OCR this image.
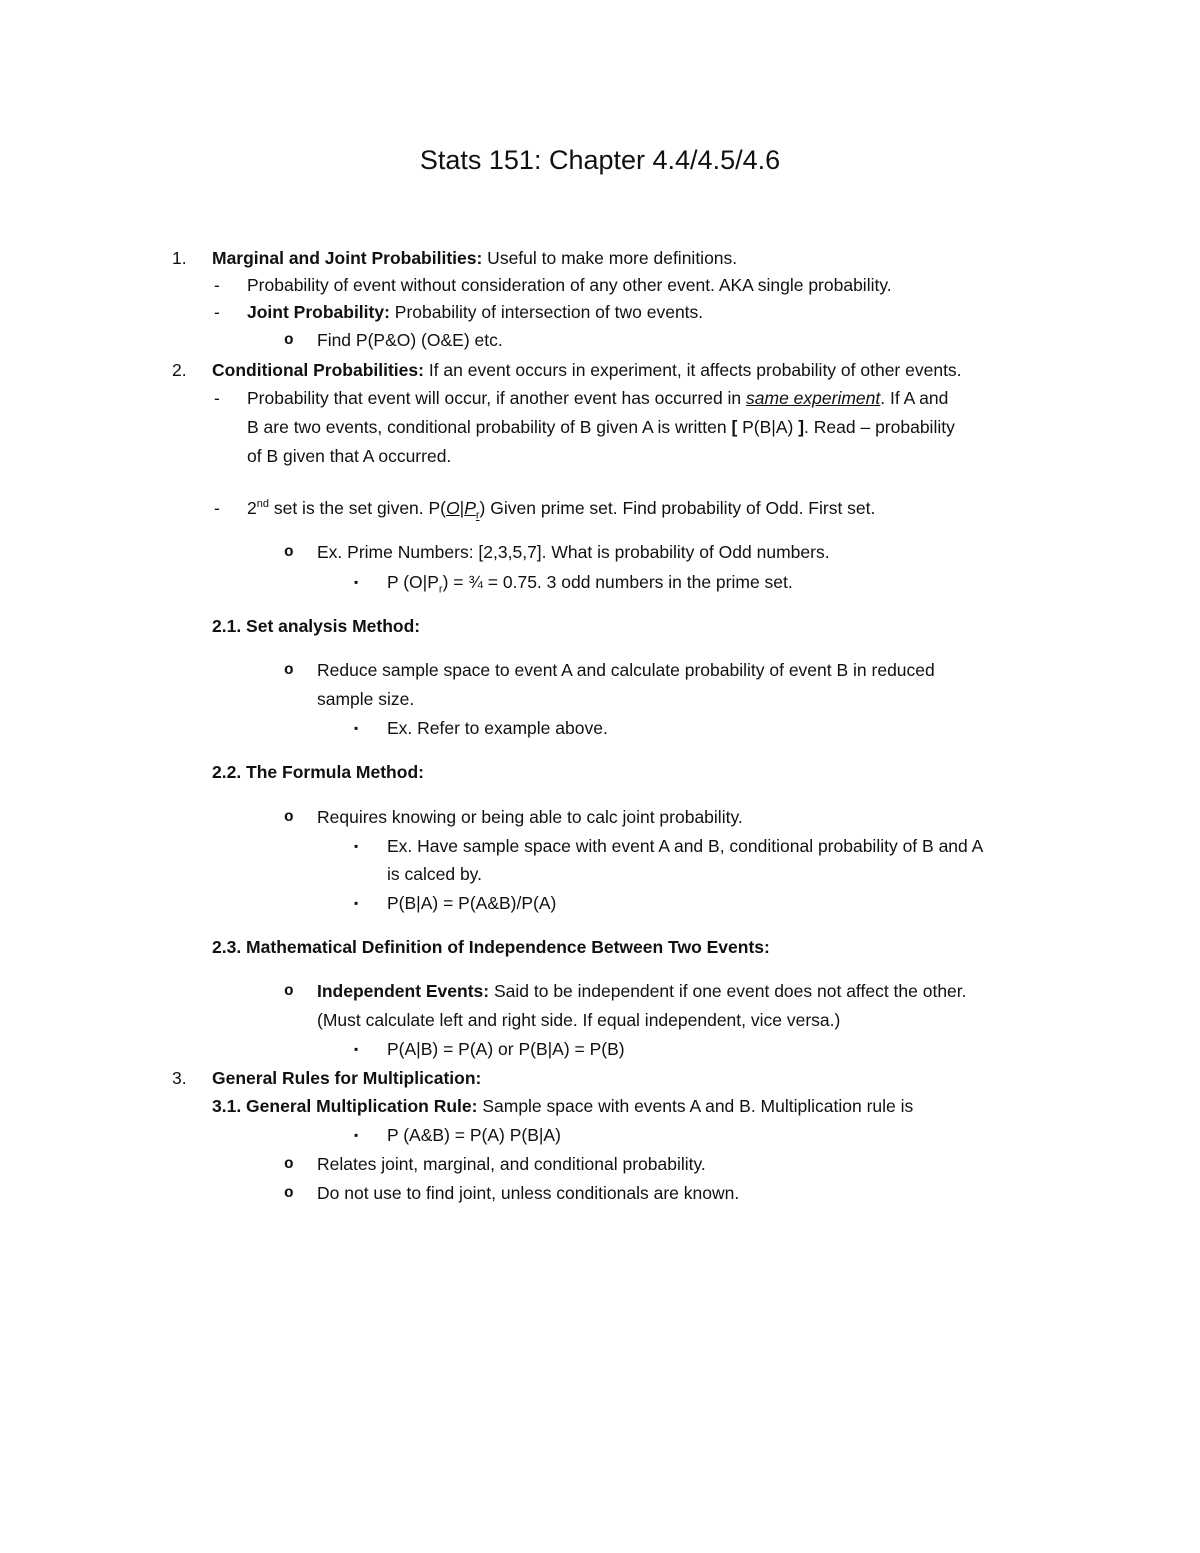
Stats 151: Chapter 4.4/4.5/4.6
1. Marginal and Joint Probabilities: Useful to make more definitions.
- Probability of event without consideration of any other event. AKA single probability.
- Joint Probability: Probability of intersection of two events.
o Find P(P&O) (O&E) etc.
2. Conditional Probabilities: If an event occurs in experiment, it affects probability of other events.
- Probability that event will occur, if another event has occurred in same experiment. If A and
B are two events, conditional probability of B given A is written [ P(B|A) ]. Read – probability
of B given that A occurred.
- 2nd set is the set given. $P(O|P_r)$ Given prime set. Find probability of Odd. First set.
o Ex. Prime Numbers: [2,3,5,7]. What is probability of Odd numbers.
▪ P $(O|P_r)$ = ¾ = 0.75. 3 odd numbers in the prime set.
2.1. Set analysis Method:
o Reduce sample space to event A and calculate probability of event B in reduced
sample size.
▪ Ex. Refer to example above.
2.2. The Formula Method:
o Requires knowing or being able to calc joint probability.
▪ Ex. Have sample space with event A and B, conditional probability of B and A
is calced by.
▪ P(B|A) = P(A&B)/P(A)
2.3. Mathematical Definition of Independence Between Two Events:
o Independent Events: Said to be independent if one event does not affect the other.
(Must calculate left and right side. If equal independent, vice versa.)
▪ P(A|B) = P(A) or P(B|A) = P(B)
3. General Rules for Multiplication:
3.1. General Multiplication Rule: Sample space with events A and B. Multiplication rule is
▪ P (A&B) = P(A) P(B|A)
o Relates joint, marginal, and conditional probability.
o Do not use to find joint, unless conditionals are known.
